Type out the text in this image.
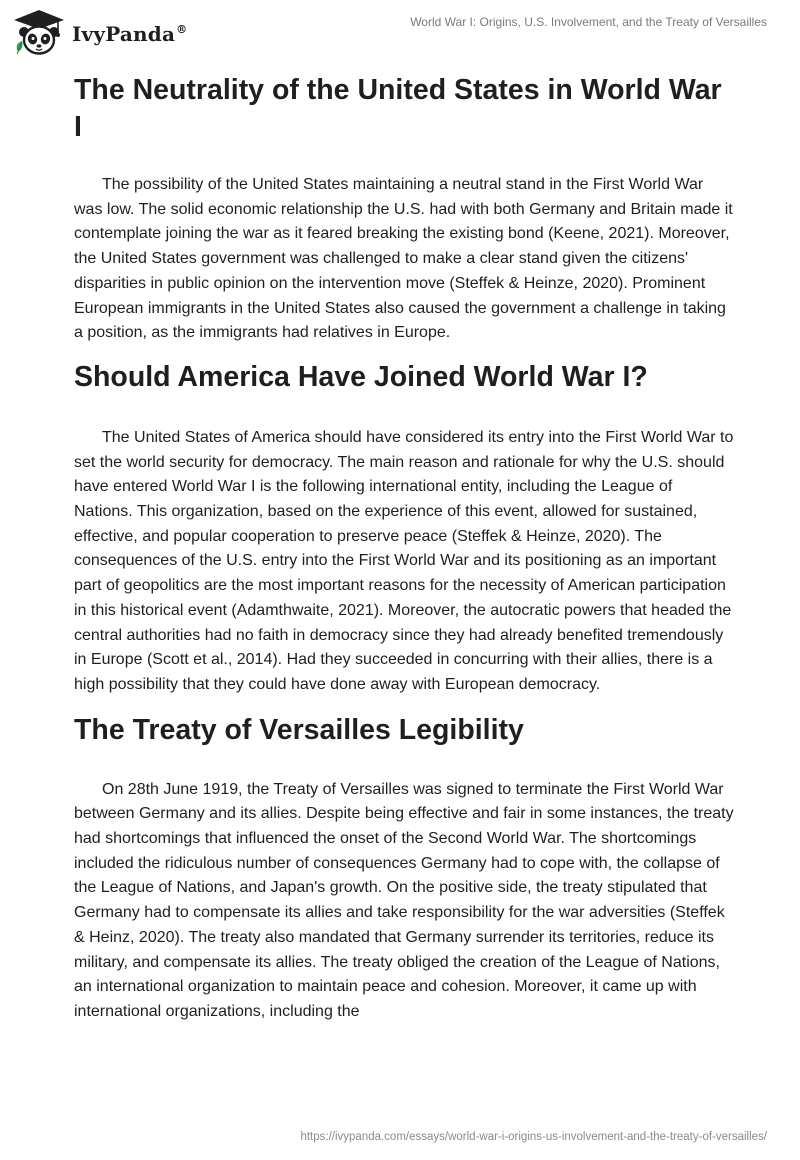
IvyPanda®
World War I: Origins, U.S. Involvement, and the Treaty of Versailles
The Neutrality of the United States in World War I

The possibility of the United States maintaining a neutral stand in the First World War was low. The solid economic relationship the U.S. had with both Germany and Britain made it contemplate joining the war as it feared breaking the existing bond (Keene, 2021). Moreover, the United States government was challenged to make a clear stand given the citizens' disparities in public opinion on the intervention move (Steffek & Heinze, 2020). Prominent European immigrants in the United States also caused the government a challenge in taking a position, as the immigrants had relatives in Europe.

Should America Have Joined World War I?

The United States of America should have considered its entry into the First World War to set the world security for democracy. The main reason and rationale for why the U.S. should have entered World War I is the following international entity, including the League of Nations. This organization, based on the experience of this event, allowed for sustained, effective, and popular cooperation to preserve peace (Steffek & Heinze, 2020). The consequences of the U.S. entry into the First World War and its positioning as an important part of geopolitics are the most important reasons for the necessity of American participation in this historical event (Adamthwaite, 2021). Moreover, the autocratic powers that headed the central authorities had no faith in democracy since they had already benefited tremendously in Europe (Scott et al., 2014). Had they succeeded in concurring with their allies, there is a high possibility that they could have done away with European democracy.

The Treaty of Versailles Legibility

On 28th June 1919, the Treaty of Versailles was signed to terminate the First World War between Germany and its allies. Despite being effective and fair in some instances, the treaty had shortcomings that influenced the onset of the Second World War. The shortcomings included the ridiculous number of consequences Germany had to cope with, the collapse of the League of Nations, and Japan's growth. On the positive side, the treaty stipulated that Germany had to compensate its allies and take responsibility for the war adversities (Steffek & Heinz, 2020). The treaty also mandated that Germany surrender its territories, reduce its military, and compensate its allies. The treaty obliged the creation of the League of Nations, an international organization to maintain peace and cohesion. Moreover, it came up with international organizations, including the

https://ivypanda.com/essays/world-war-i-origins-us-involvement-and-the-treaty-of-versailles/
